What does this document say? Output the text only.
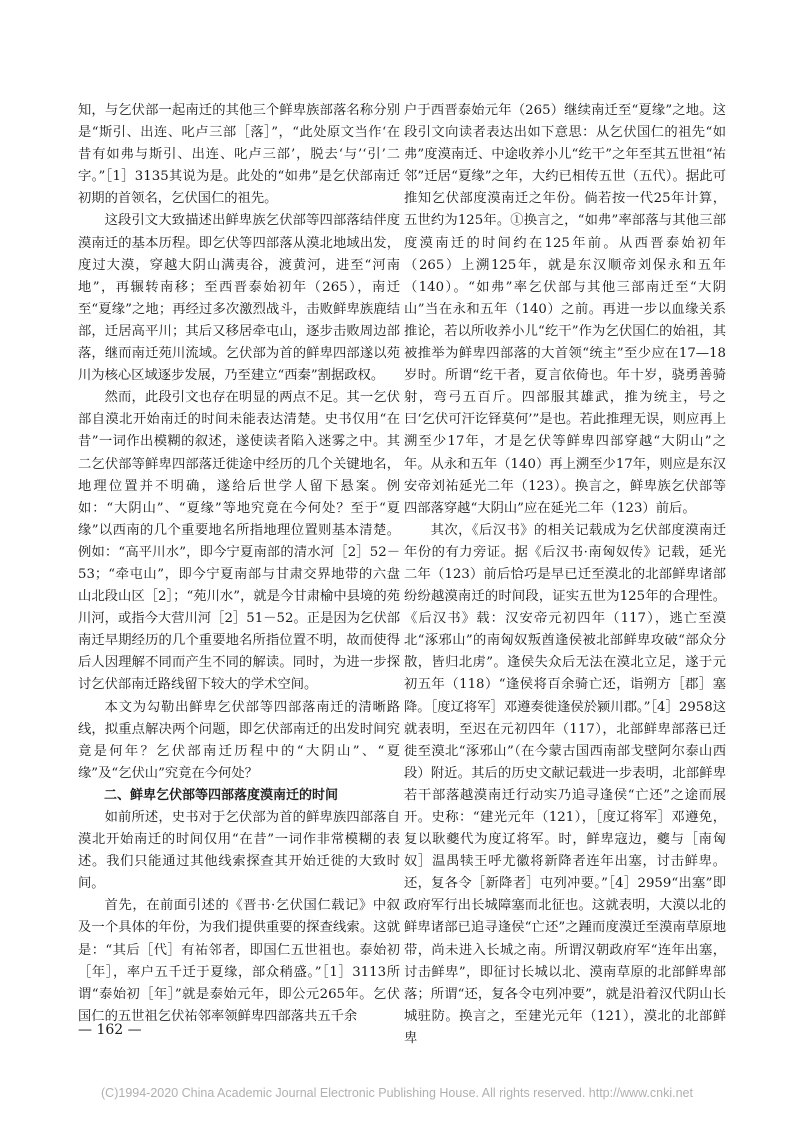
知，与乞伏部一起南迁的其他三个鲜卑族部落名称分别是“斯引、出连、叱卢三部［落］”，“此处原文当作‘在昔有如弗与斯引、出连、叱卢三部’，脱去‘与’‘引’二字。”［1］3135其说为是。此处的“如弗”是乞伏部南迁初期的首领名，乞伏国仁的祖先。

这段引文大致描述出鲜卑族乞伏部等四部落结伴度漠南迁的基本历程。即乞伏等四部落从漠北地域出发，度过大漠，穿越大阴山满夷谷，渡黄河，进至“河南地”，再辗转南移；至西晋泰始初年（265），南迁至“夏缘”之地；再经过多次激烈战斗，击败鲜卑族鹿结部，迁居高平川；其后又移居牵屯山，逐步击败周边部落，继而南迁苑川流域。乞伏部为首的鲜卑四部遂以苑川为核心区域逐步发展，乃至建立“西秦”割据政权。

然而，此段引文也存在明显的两点不足。其一乞伏部自漠北开始南迁的时间未能表达清楚。史书仅用“在昔”一词作出模糊的叙述，遂使读者陷入迷雾之中。其二乞伏部等鲜卑四部落迁徙途中经历的几个关键地名，地理位置并不明确，遂给后世学人留下悬案。例如：“大阴山”、“夏缘”等地究竟在今何处？至于“夏缘”以西南的几个重要地名所指地理位置则基本清楚。例如：“高平川水”，即今宁夏南部的清水河［2］52－53；“牵屯山”，即今宁夏南部与甘肃交界地带的六盘山北段山区［2］；“苑川水”，就是今甘肃榆中县境的苑川河，或指今大营川河［2］51－52。正是因为乞伏部南迁早期经历的几个重要地名所指位置不明，故而使得后人因理解不同而产生不同的解读。同时，为进一步探讨乞伏部南迁路线留下较大的学术空间。

本文为勾勒出鲜卑乞伏部等四部落南迁的清晰路线，拟重点解决两个问题，即乞伏部南迁的出发时间究竟是何年？乞伏部南迁历程中的“大阴山”、“夏缘”及“乞伏山”究竟在今何处？

二、鲜卑乞伏部等四部落度漠南迁的时间

如前所述，史书对于乞伏部为首的鲜卑族四部落自漠北开始南迁的时间仅用“在昔”一词作非常模糊的表述。我们只能通过其他线索探查其开始迁徙的大致时间。

首先，在前面引述的《晋书·乞伏国仁载记》中叙及一个具体的年份，为我们提供重要的探查线索。这就是：“其后［代］有祐邻者，即国仁五世祖也。泰始初［年］，率户五千迁于夏缘，部众稍盛。”［1］3113所谓“泰始初［年］”就是泰始元年，即公元265年。乞伏国仁的五世祖乞伏祐邻率领鲜卑四部落共五千余

户于西晋泰始元年（265）继续南迁至“夏缘”之地。这段引文向读者表达出如下意思：从乞伏国仁的祖先“如弗”度漠南迁、中途收养小儿“纥干”之年至其五世祖“祐邻”迁居“夏缘”之年，大约已相传五世（五代）。据此可推知乞伏部度漠南迁之年份。倘若按一代25年计算，五世约为125年。①换言之，“如弗”率部落与其他三部度漠南迁的时间约在125年前。从西晋泰始初年（265）上溯125年，就是东汉顺帝刘保永和五年（140）。“如弗”率乞伏部与其他三部南迁至“大阴山”当在永和五年（140）之前。再进一步以血缘关系推论，若以所收养小儿“纥干”作为乞伏国仁的始祖，其被推举为鲜卑四部落的大首领“统主”至少应在17—18岁时。所谓“纥干者，夏言依倚也。年十岁，骁勇善骑射，弯弓五百斤。四部服其雄武，推为统主，号之曰‘乞伏可汗讫铎莫何’”是也。若此推理无误，则应再上溯至少17年，才是乞伏等鲜卑四部穿越“大阴山”之年。从永和五年（140）再上溯至少17年，则应是东汉安帝刘祐延光二年（123）。换言之，鲜卑族乞伏部等四部落穿越“大阴山”应在延光二年（123）前后。

其次，《后汉书》的相关记载成为乞伏部度漠南迁年份的有力旁证。据《后汉书·南匈奴传》记载，延光二年（123）前后恰巧是早已迁至漠北的北部鲜卑诸部纷纷越漠南迁的时间段，证实五世为125年的合理性。《后汉书》载：汉安帝元初四年（117），逃亡至漠北“涿邪山”的南匈奴叛酋逢侯被北部鲜卑攻破“部众分散，皆归北虏”。逢侯失众后无法在漠北立足，遂于元初五年（118）“逢侯将百余骑亡还，诣朔方［郡］塞降。［度辽将军］邓遵奏徙逢侯於颍川郡。”［4］2958这就表明，至迟在元初四年（117），北部鲜卑部落已迁徙至漠北“涿邪山”（在今蒙古国西南部戈壁阿尔泰山西段）附近。其后的历史文献记载进一步表明，北部鲜卑若干部落越漠南迁行动实乃追寻逢侯“亡还”之途而展开。史称：“建光元年（121），［度辽将军］邓遵免，复以耿夔代为度辽将军。时，鲜卑寇边，夔与［南匈奴］温禺犊王呼尤徽将新降者连年出塞，讨击鲜卑。还，复各令［新降者］屯列冲要。”［4］2959“出塞”即政府军行出长城障塞而北征也。这就表明，大漠以北的鲜卑诸部已追寻逢侯“亡还”之踵而度漠迁至漠南草原地带，尚未进入长城之南。所谓汉朝政府军“连年出塞，讨击鲜卑”，即征讨长城以北、漠南草原的北部鲜卑部落；所谓“还，复各令屯列冲要”，就是沿着汉代阴山长城驻防。换言之，至建光元年（121），漠北的北部鲜卑

— 162 —
(C)1994-2020 China Academic Journal Electronic Publishing House. All rights reserved. http://www.cnki.net
